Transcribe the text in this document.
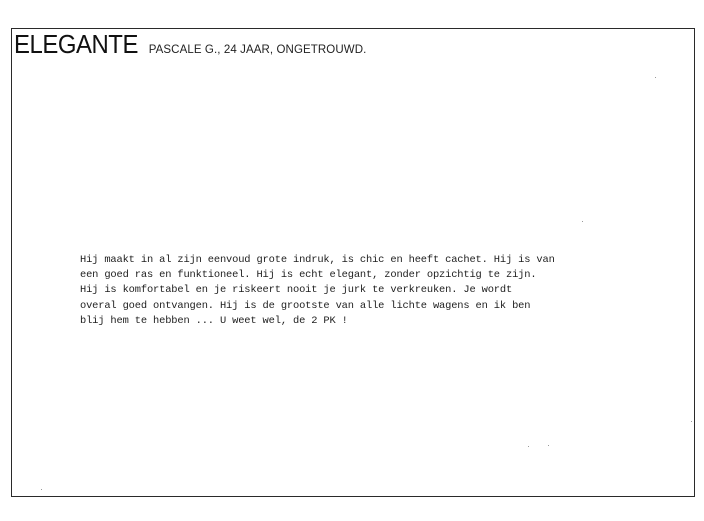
ELEGANTE PASCALE G., 24 JAAR, ONGETROUWD.
Hij maakt in al zijn eenvoud grote indruk, is chic en heeft cachet. Hij is van
een goed ras en funktioneel. Hij is echt elegant, zonder opzichtig te zijn.
Hij is komfortabel en je riskeert nooit je jurk te verkreuken. Je wordt
overal goed ontvangen. Hij is de grootste van alle lichte wagens en ik ben
blij hem te hebben ... U weet wel, de 2 PK !
